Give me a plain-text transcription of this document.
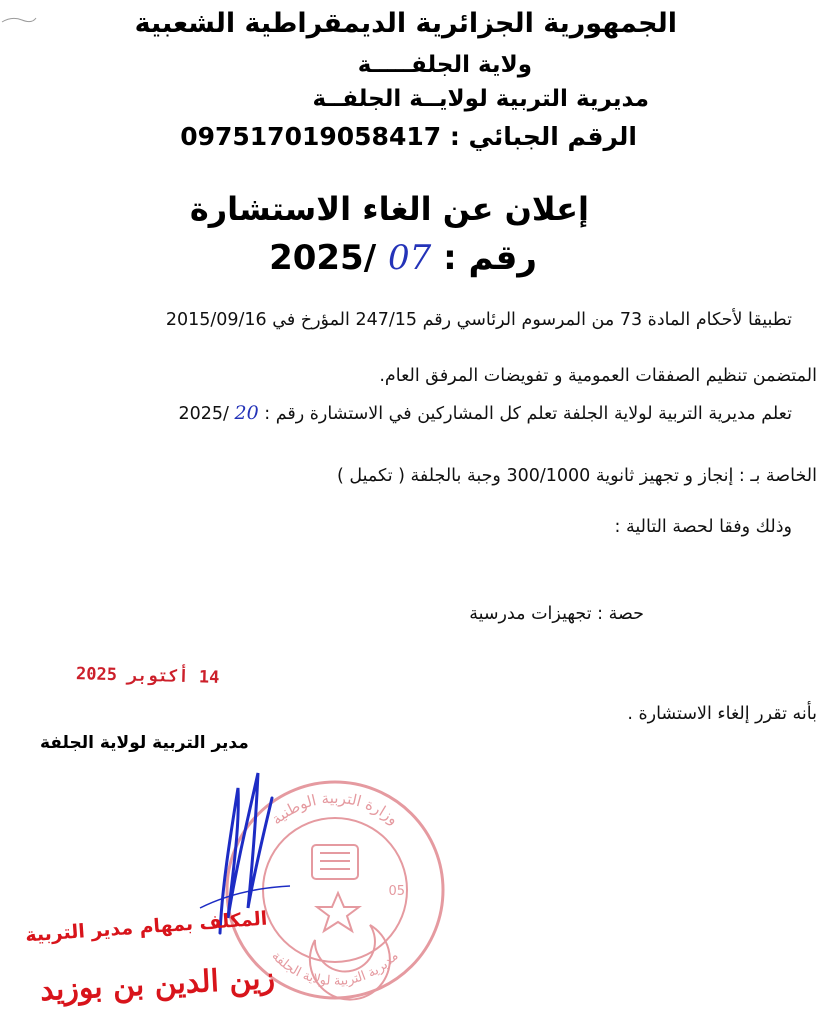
الجمهورية الجزائرية الديمقراطية الشعبية
ولاية الجلفـــــة
مديرية التربية لولايــة الجلفــة
الرقم الجبائي : 097517019058417
إعلان عن الغاء الاستشارة
رقم : 07 2025/
تطبيقا لأحكام المادة 73 من المرسوم الرئاسي رقم 247/15 المؤرخ في 2015/09/16
المتضمن تنظيم الصفقات العمومية و تفويضات المرفق العام.
تعلم مديرية التربية لولاية الجلفة تعلم كل المشاركين في الاستشارة رقم : 20 /2025
الخاصة بـ : إنجاز و تجهيز ثانوية 300/1000 وجبة بالجلفة ( تكميل )
وذلك وفقا لحصة التالية :
حصة : تجهيزات مدرسية
بأنه تقرر إلغاء الاستشارة .
14 أكتوبر 2025
مدير التربية لولاية الجلفة
وزارة التربية الوطنية
مديرية التربية لولاية الجلفة
05
المكلف بمهام مدير التربية
زين الدين بن بوزيد
